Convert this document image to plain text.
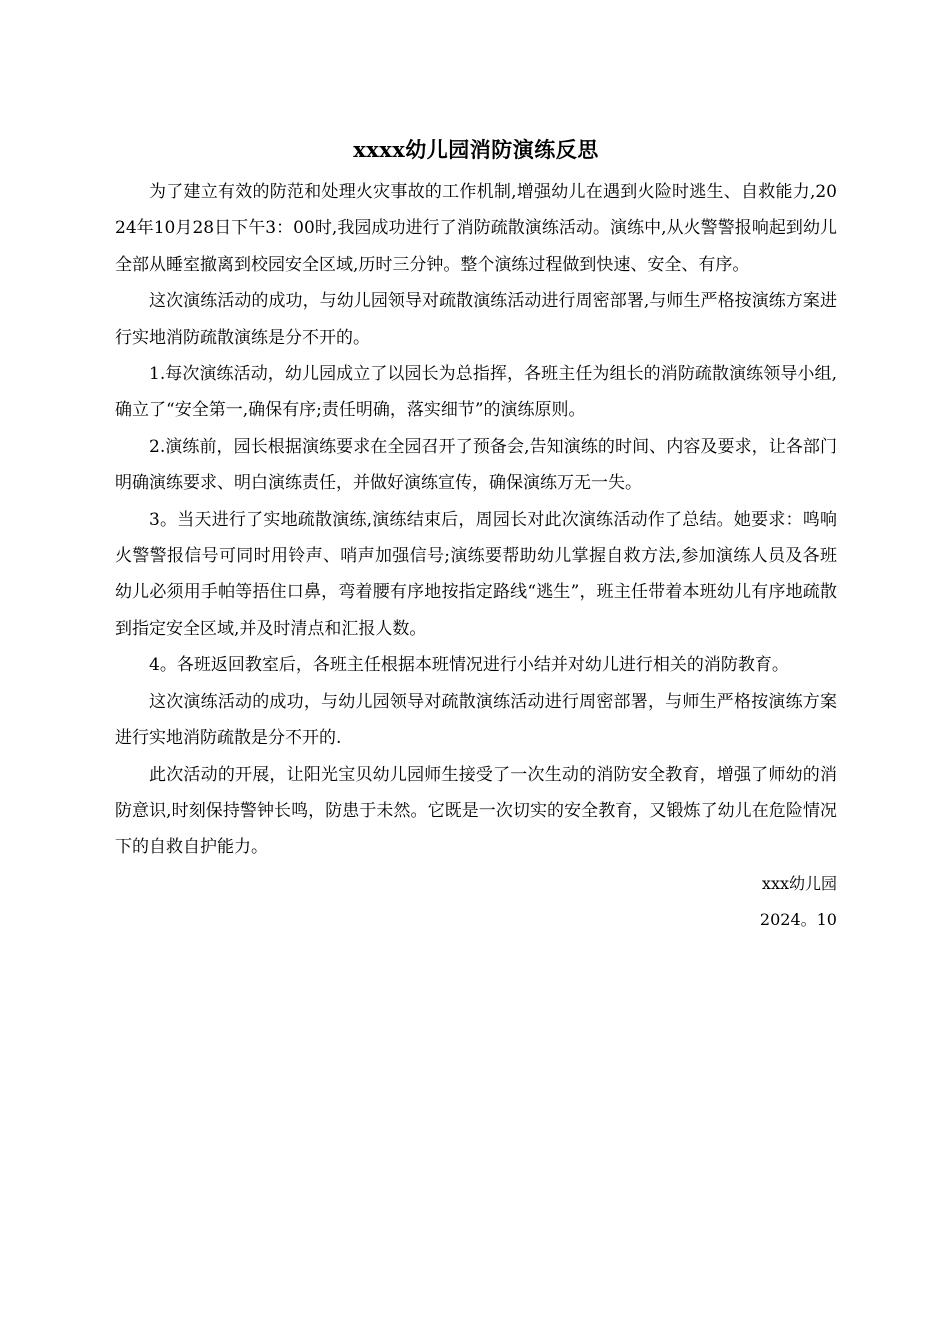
xxxx幼儿园消防演练反思

为了建立有效的防范和处理火灾事故的工作机制,增强幼儿在遇到火险时逃生、自救能力,2024年10月28日下午3：00时,我园成功进行了消防疏散演练活动。演练中,从火警警报响起到幼儿全部从睡室撤离到校园安全区域,历时三分钟。整个演练过程做到快速、安全、有序。

这次演练活动的成功，与幼儿园领导对疏散演练活动进行周密部署,与师生严格按演练方案进行实地消防疏散演练是分不开的。

1.每次演练活动，幼儿园成立了以园长为总指挥，各班主任为组长的消防疏散演练领导小组,确立了“安全第一,确保有序;责任明确，落实细节”的演练原则。

2.演练前，园长根据演练要求在全园召开了预备会,告知演练的时间、内容及要求，让各部门明确演练要求、明白演练责任，并做好演练宣传，确保演练万无一失。

3。当天进行了实地疏散演练,演练结束后，周园长对此次演练活动作了总结。她要求：鸣响火警警报信号可同时用铃声、哨声加强信号;演练要帮助幼儿掌握自救方法,参加演练人员及各班幼儿必须用手帕等捂住口鼻，弯着腰有序地按指定路线“逃生”，班主任带着本班幼儿有序地疏散到指定安全区域,并及时清点和汇报人数。

4。各班返回教室后，各班主任根据本班情况进行小结并对幼儿进行相关的消防教育。

这次演练活动的成功，与幼儿园领导对疏散演练活动进行周密部署，与师生严格按演练方案进行实地消防疏散是分不开的.

此次活动的开展，让阳光宝贝幼儿园师生接受了一次生动的消防安全教育，增强了师幼的消防意识,时刻保持警钟长鸣，防患于未然。它既是一次切实的安全教育，又锻炼了幼儿在危险情况下的自救自护能力。

xxx幼儿园

2024。10
